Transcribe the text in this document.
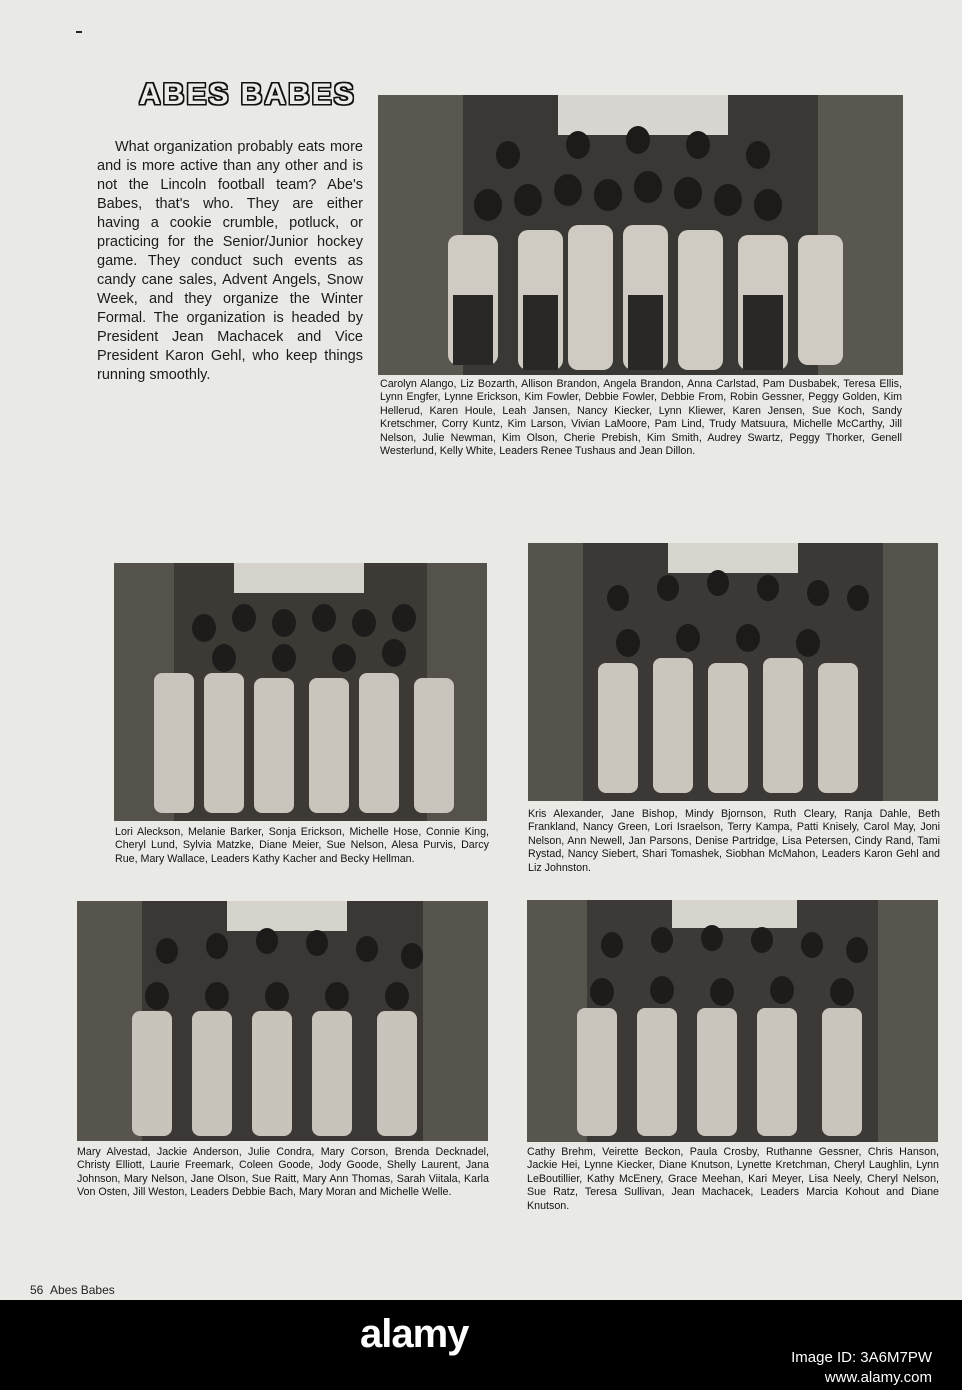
ABES BABES
What organization probably eats more and is more active than any other and is not the Lincoln football team? Abe's Babes, that's who. They are either having a cookie crumble, potluck, or practicing for the Senior/Junior hockey game. They conduct such events as candy cane sales, Advent Angels, Snow Week, and they organize the Winter Formal. The organization is headed by President Jean Machacek and Vice President Karon Gehl, who keep things running smoothly.
Carolyn Alango, Liz Bozarth, Allison Brandon, Angela Brandon, Anna Carlstad, Pam Dusbabek, Teresa Ellis, Lynn Engfer, Lynne Erickson, Kim Fowler, Debbie Fowler, Debbie From, Robin Gessner, Peggy Golden, Kim Hellerud, Karen Houle, Leah Jansen, Nancy Kiecker, Lynn Kliewer, Karen Jensen, Sue Koch, Sandy Kretschmer, Corry Kuntz, Kim Larson, Vivian LaMoore, Pam Lind, Trudy Matsuura, Michelle McCarthy, Jill Nelson, Julie Newman, Kim Olson, Cherie Prebish, Kim Smith, Audrey Swartz, Peggy Thorker, Genell Westerlund, Kelly White, Leaders Renee Tushaus and Jean Dillon.
Lori Aleckson, Melanie Barker, Sonja Erickson, Michelle Hose, Connie King, Cheryl Lund, Sylvia Matzke, Diane Meier, Sue Nelson, Alesa Purvis, Darcy Rue, Mary Wallace, Leaders Kathy Kacher and Becky Hellman.
Kris Alexander, Jane Bishop, Mindy Bjornson, Ruth Cleary, Ranja Dahle, Beth Frankland, Nancy Green, Lori Israelson, Terry Kampa, Patti Knisely, Carol May, Joni Nelson, Ann Newell, Jan Parsons, Denise Partridge, Lisa Petersen, Cindy Rand, Tami Rystad, Nancy Siebert, Shari Tomashek, Siobhan McMahon, Leaders Karon Gehl and Liz Johnston.
Mary Alvestad, Jackie Anderson, Julie Condra, Mary Corson, Brenda Decknadel, Christy Elliott, Laurie Freemark, Coleen Goode, Jody Goode, Shelly Laurent, Jana Johnson, Mary Nelson, Jane Olson, Sue Raitt, Mary Ann Thomas, Sarah Viitala, Karla Von Osten, Jill Weston, Leaders Debbie Bach, Mary Moran and Michelle Welle.
Cathy Brehm, Veirette Beckon, Paula Crosby, Ruthanne Gessner, Chris Hanson, Jackie Hei, Lynne Kiecker, Diane Knutson, Lynette Kretchman, Cheryl Laughlin, Lynn LeBoutillier, Kathy McEnery, Grace Meehan, Kari Meyer, Lisa Neely, Cheryl Nelson, Sue Ratz, Teresa Sullivan, Jean Machacek, Leaders Marcia Kohout and Diane Knutson.
56 Abes Babes
alamy
Image ID: 3A6M7PW
www.alamy.com
